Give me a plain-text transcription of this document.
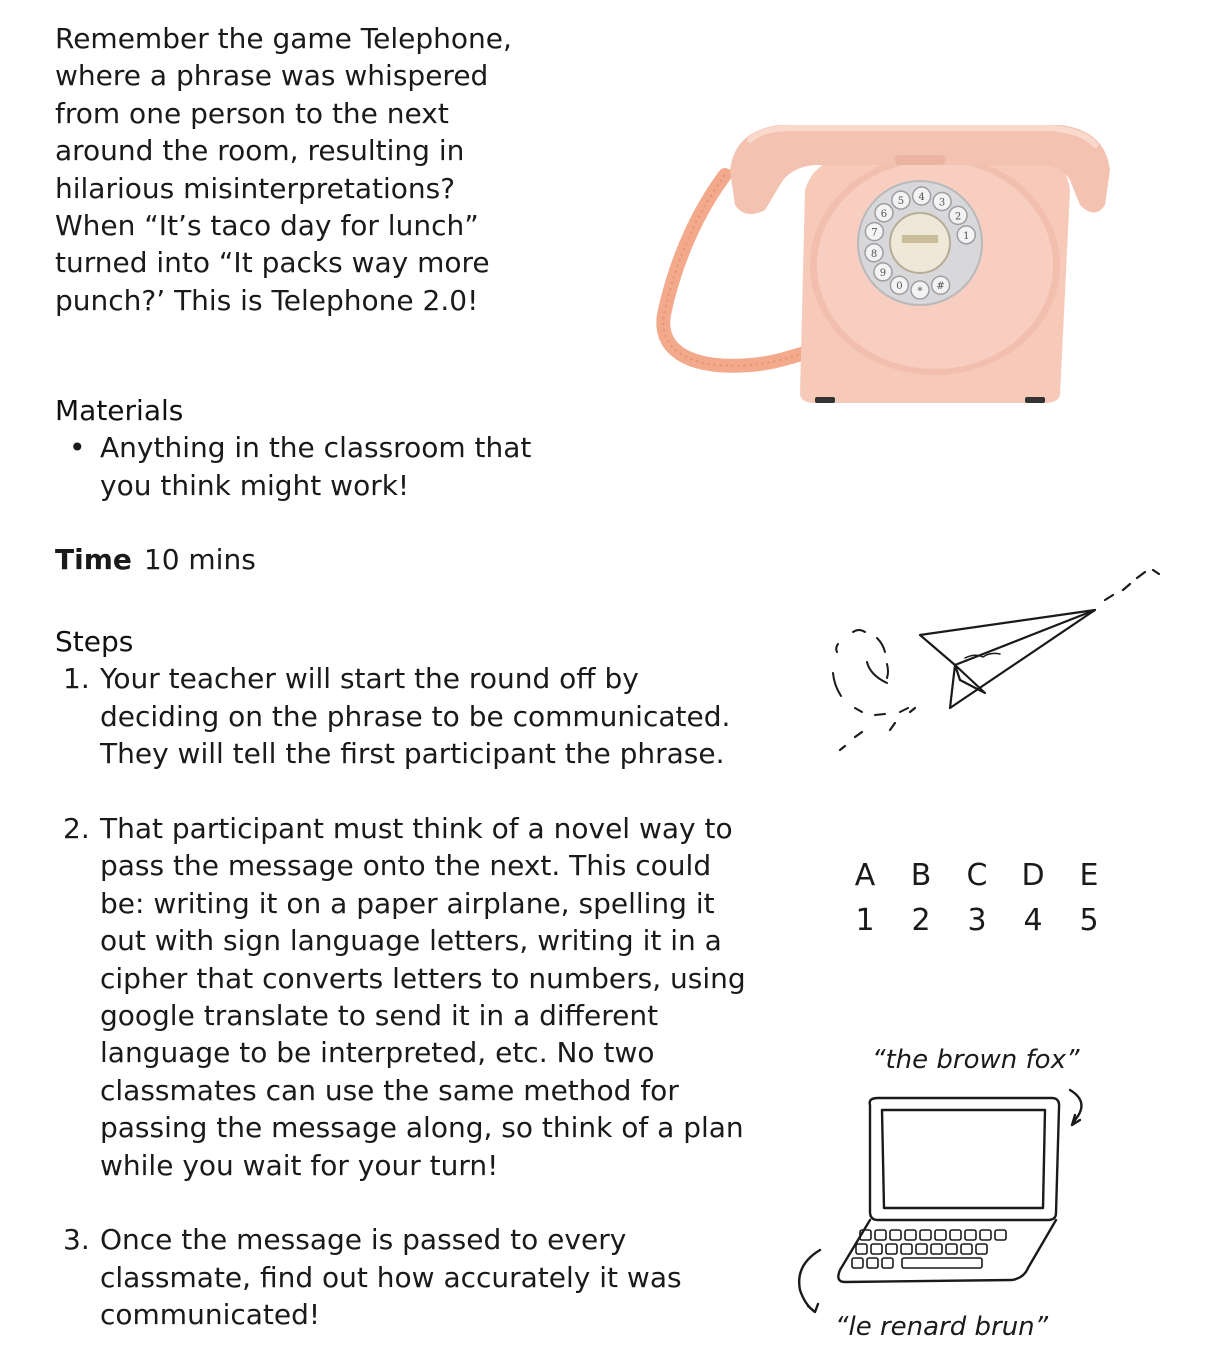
Remember the game Telephone, where a phrase was whispered from one person to the next around the room, resulting in hilarious misinterpretations? When “It’s taco day for lunch” turned into “It packs way more punch?’ This is Telephone 2.0!

Materials

• Anything in the classroom that you think might work!
Time 10 mins

Steps

1. Your teacher will start the round off by deciding on the phrase to be communicated. They will tell the first participant the phrase.
2. That participant must think of a novel way to pass the message onto the next. This could be: writing it on a paper airplane, spelling it out with sign language letters, writing it in a cipher that converts letters to numbers, using google translate to send it in a different language to be interpreted, etc. No two classmates can use the same method for passing the message along, so think of a plan while you wait for your turn!
3. Once the message is passed to every classmate, find out how accurately it was communicated!
1
2
3
4
5
6
7
8
9
0 * #
A
1
B
2
C
3
D
4
E
5
“the brown fox”
“le renard brun”
